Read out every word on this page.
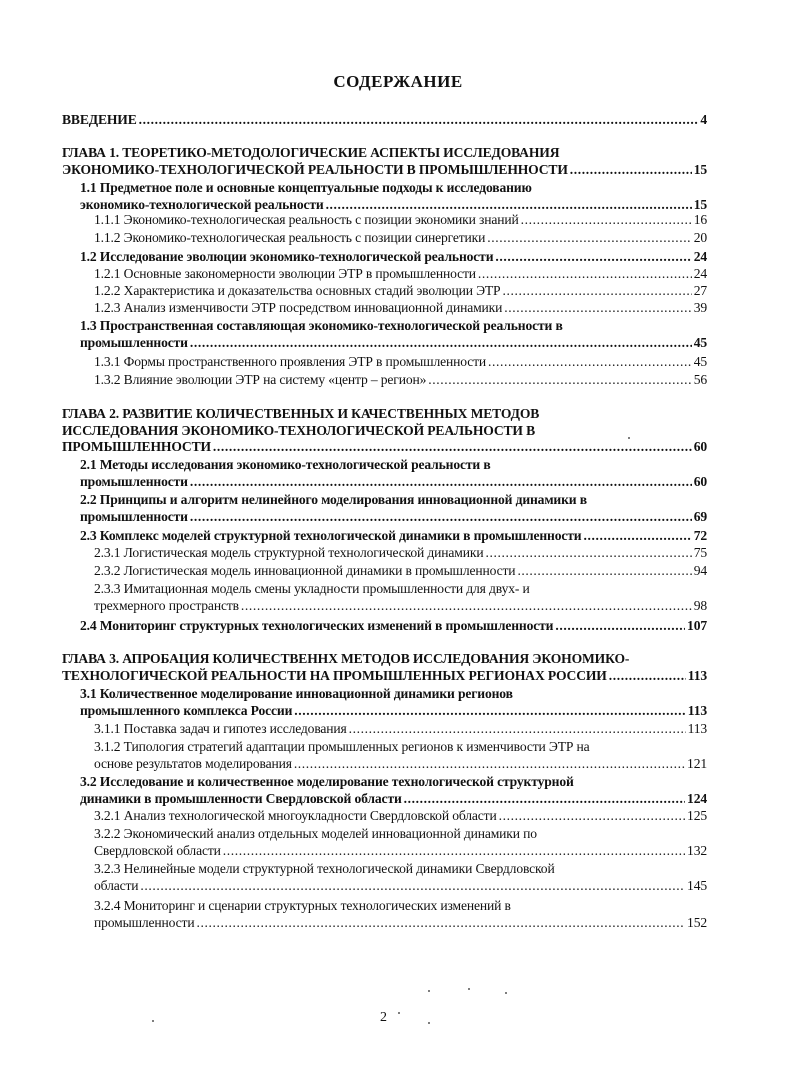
СОДЕРЖАНИЕ
ВВЕДЕНИЕ .....	4
ГЛАВА 1. ТЕОРЕТИКО-МЕТОДОЛОГИЧЕСКИЕ АСПЕКТЫ ИССЛЕДОВАНИЯ
ЭКОНОМИКО-ТЕХНОЛОГИЧЕСКОЙ РЕАЛЬНОСТИ В ПРОМЫШЛЕННОСТИ .....	15
1.1 Предметное поле и основные концептуальные подходы к исследованию
экономико-технологической реальности .....	15
1.1.1 Экономико-технологическая реальность с позиции экономики знаний .....	16
1.1.2 Экономико-технологическая реальность с позиции синергетики .....	20
1.2 Исследование эволюции экономико-технологической реальности .....	24
1.2.1 Основные закономерности эволюции ЭТР в промышленности .....	24
1.2.2 Характеристика и доказательства основных стадий эволюции ЭТР .....	27
1.2.3 Анализ изменчивости ЭТР посредством инновационной динамики .....	39
1.3 Пространственная составляющая экономико-технологической реальности в
промышленности .....	45
1.3.1 Формы пространственного проявления ЭТР в промышленности .....	45
1.3.2 Влияние эволюции ЭТР на систему «центр – регион» .....	56
ГЛАВА 2. РАЗВИТИЕ КОЛИЧЕСТВЕННЫХ И КАЧЕСТВЕННЫХ МЕТОДОВ
ИССЛЕДОВАНИЯ ЭКОНОМИКО-ТЕХНОЛОГИЧЕСКОЙ РЕАЛЬНОСТИ В
ПРОМЫШЛЕННОСТИ .....	60
2.1 Методы исследования экономико-технологической реальности в
промышленности .....	60
2.2 Принципы и алгоритм нелинейного моделирования инновационной динамики в
промышленности .....	69
2.3 Комплекс моделей структурной технологической динамики в промышленности .....	72
2.3.1 Логистическая модель структурной технологической динамики .....	75
2.3.2 Логистическая модель инновационной динамики в промышленности .....	94
2.3.3 Имитационная модель смены укладности промышленности для двух- и
трехмерного пространств .....	98
2.4 Мониторинг структурных технологических изменений в промышленности .....	107
ГЛАВА 3. АПРОБАЦИЯ КОЛИЧЕСТВЕННХ МЕТОДОВ ИССЛЕДОВАНИЯ ЭКОНОМИКО-
ТЕХНОЛОГИЧЕСКОЙ РЕАЛЬНОСТИ НА ПРОМЫШЛЕННЫХ РЕГИОНАХ РОССИИ .....	113
3.1 Количественное моделирование инновационной динамики регионов
промышленного комплекса России .....	113
3.1.1 Поставка задач и гипотез исследования .....	113
3.1.2 Типология стратегий адаптации промышленных регионов к изменчивости ЭТР на
основе результатов моделирования .....	121
3.2 Исследование и количественное моделирование технологической структурной
динамики в промышленности Свердловской области .....	124
3.2.1 Анализ технологической многоукладности Свердловской области .....	125
3.2.2 Экономический анализ отдельных моделей инновационной динамики по
Свердловской области .....	132
3.2.3 Нелинейные модели структурной технологической динамики Свердловской
области .....	145
3.2.4 Мониторинг и сценарии структурных технологических изменений в
промышленности .....	152
2
